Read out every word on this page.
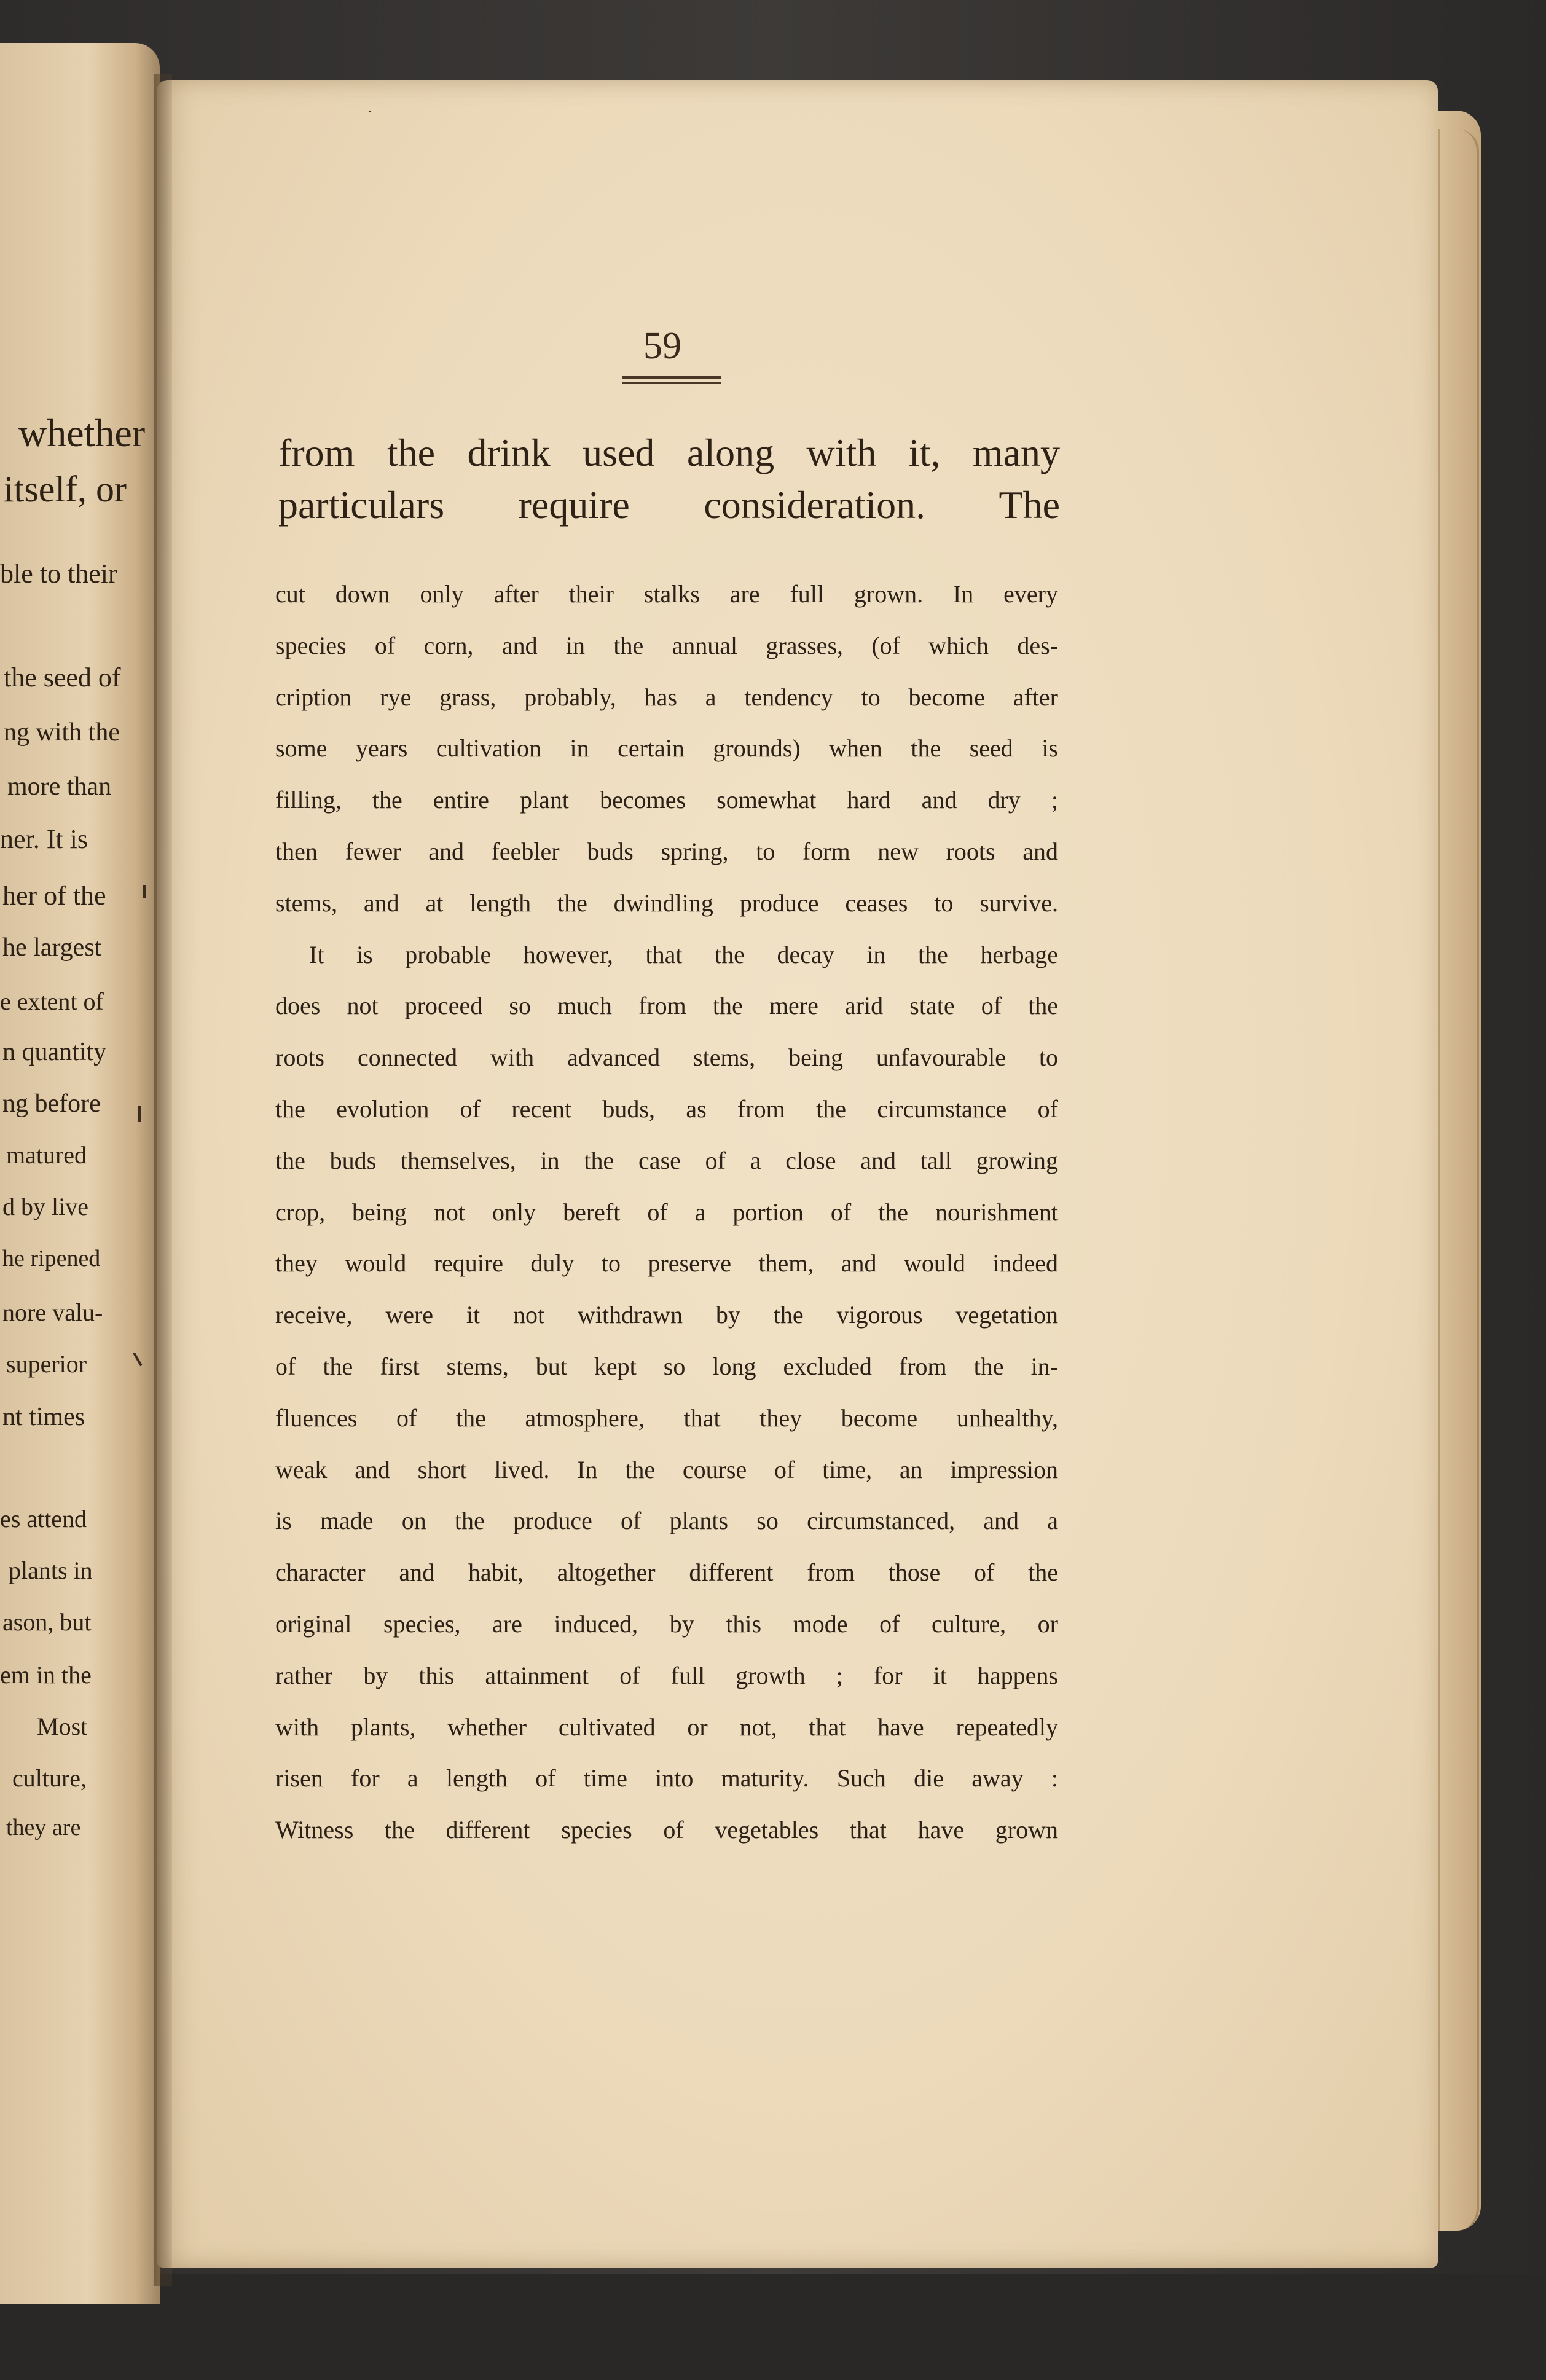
whether
itself, or
ble to their
the seed of
ng with the
more than
ner. It is
her of the
he largest
e extent of
n quantity
ng before
matured
d by live
he ripened
nore valu-
superior
nt times
es attend
plants in
ason, but
em in the
Most
culture,
they are
59
from the drink used along with it, many
particulars require consideration. The
cut down only after their stalks are full grown. In every
species of corn, and in the annual grasses, (of which des-
cription rye grass, probably, has a tendency to become after
some years cultivation in certain grounds) when the seed is
filling, the entire plant becomes somewhat hard and dry ;
then fewer and feebler buds spring, to form new roots and
stems, and at length the dwindling produce ceases to survive.
It is probable however, that the decay in the herbage
does not proceed so much from the mere arid state of the
roots connected with advanced stems, being unfavourable to
the evolution of recent buds, as from the circumstance of
the buds themselves, in the case of a close and tall growing
crop, being not only bereft of a portion of the nourishment
they would require duly to preserve them, and would indeed
receive, were it not withdrawn by the vigorous vegetation
of the first stems, but kept so long excluded from the in-
fluences of the atmosphere, that they become unhealthy,
weak and short lived. In the course of time, an impression
is made on the produce of plants so circumstanced, and a
character and habit, altogether different from those of the
original species, are induced, by this mode of culture, or
rather by this attainment of full growth ; for it happens
with plants, whether cultivated or not, that have repeatedly
risen for a length of time into maturity. Such die away :
Witness the different species of vegetables that have grown
